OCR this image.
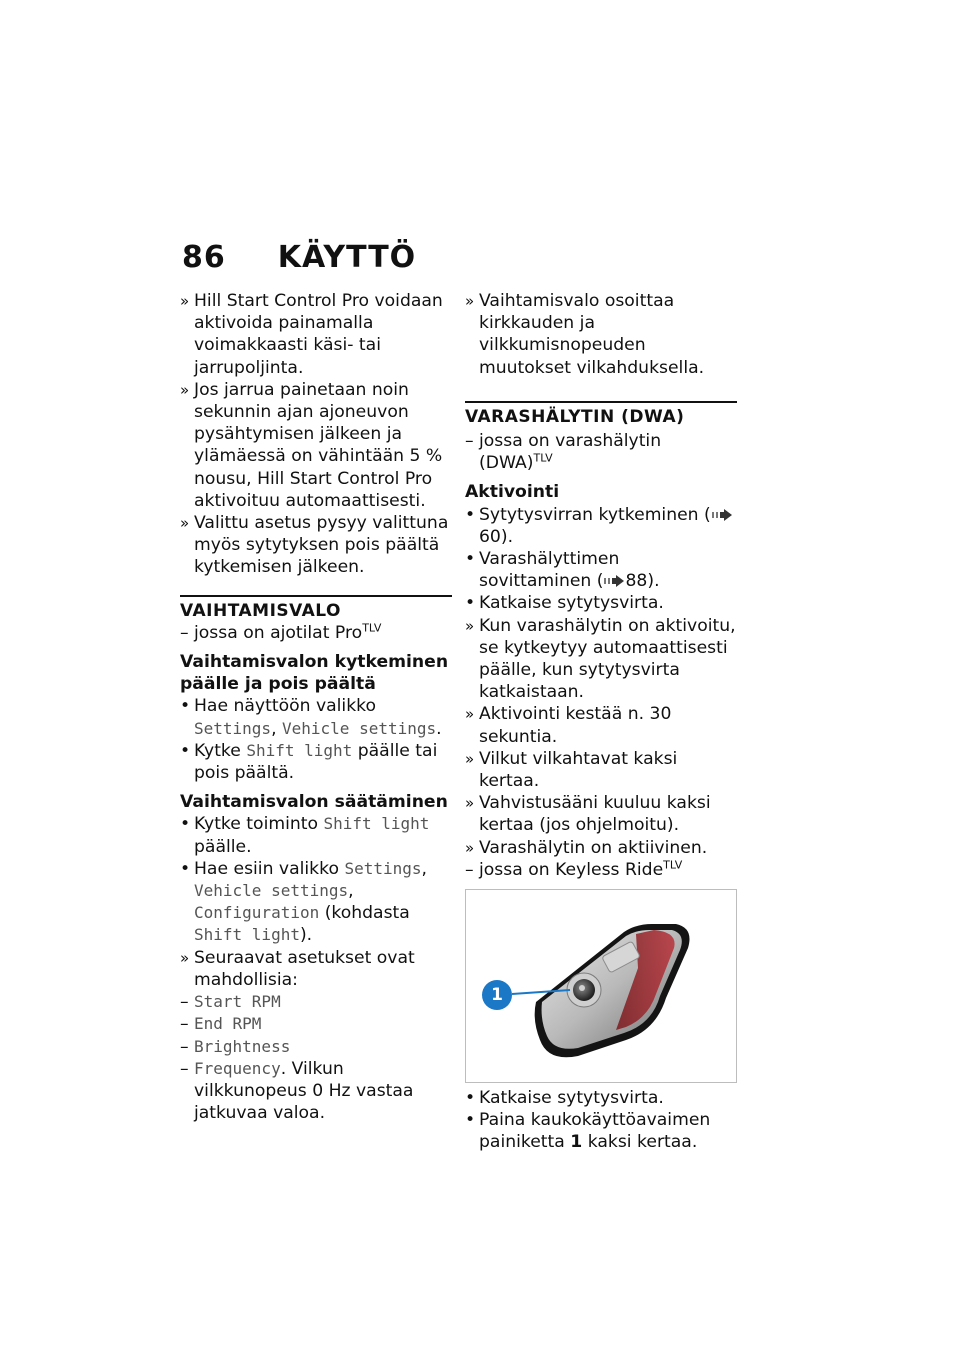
86 KÄYTTÖ

»
Hill Start Control Pro voidaan aktivoida painamalla voimakkaasti käsi- tai jarrupoljinta.

»
Jos jarrua painetaan noin sekunnin ajan ajoneuvon pysähtymisen jälkeen ja ylämäessä on vähintään 5 % nousu, Hill Start Control Pro aktivoituu automaattisesti.

»
Valittu asetus pysyy valittuna myös sytytyksen pois päältä kytkemisen jälkeen.

VAIHTAMISVALO

–
jossa on ajotilat Pro$^{TLV}$

Vaihtamisvalon kytkeminen päälle ja pois päältä

•
Hae näyttöön valikko Settings, Vehicle settings.

•
Kytke Shift light päälle tai pois päältä.

Vaihtamisvalon säätäminen

•
Kytke toiminto Shift light päälle.

•
Hae esiin valikko Settings, Vehicle settings, Configuration (kohdasta Shift light).

»
Seuraavat asetukset ovat mahdollisia:

–
Start RPM

–
End RPM

–
Brightness

–
Frequency. Vilkun vilkkunopeus 0 Hz vastaa jatkuvaa valoa.

»
Vaihtamisvalo osoittaa kirkkauden ja vilkkumisnopeuden muutokset vilkahduksella.

VARASHÄLYTIN (DWA)

–
jossa on varashälytin (DWA)$^{TLV}$

Aktivointi

•
Sytytysvirran kytkeminen (60).

•
Varashälyttimen sovittaminen ( 88).

•
Katkaise sytytysvirta.

»
Kun varashälytin on aktivoitu, se kytkeytyy automaattisesti päälle, kun sytytysvirta katkaistaan.

»
Aktivointi kestää n. 30 sekuntia.

»
Vilkut vilkahtavat kaksi kertaa.

»
Vahvistusääni kuuluu kaksi kertaa (jos ohjelmoitu).

»
Varashälytin on aktiivinen.

–
jossa on Keyless Ride$^{TLV}$

1

•
Katkaise sytytysvirta.

•
Paina kaukokäyttöavaimen painiketta 1 kaksi kertaa.
